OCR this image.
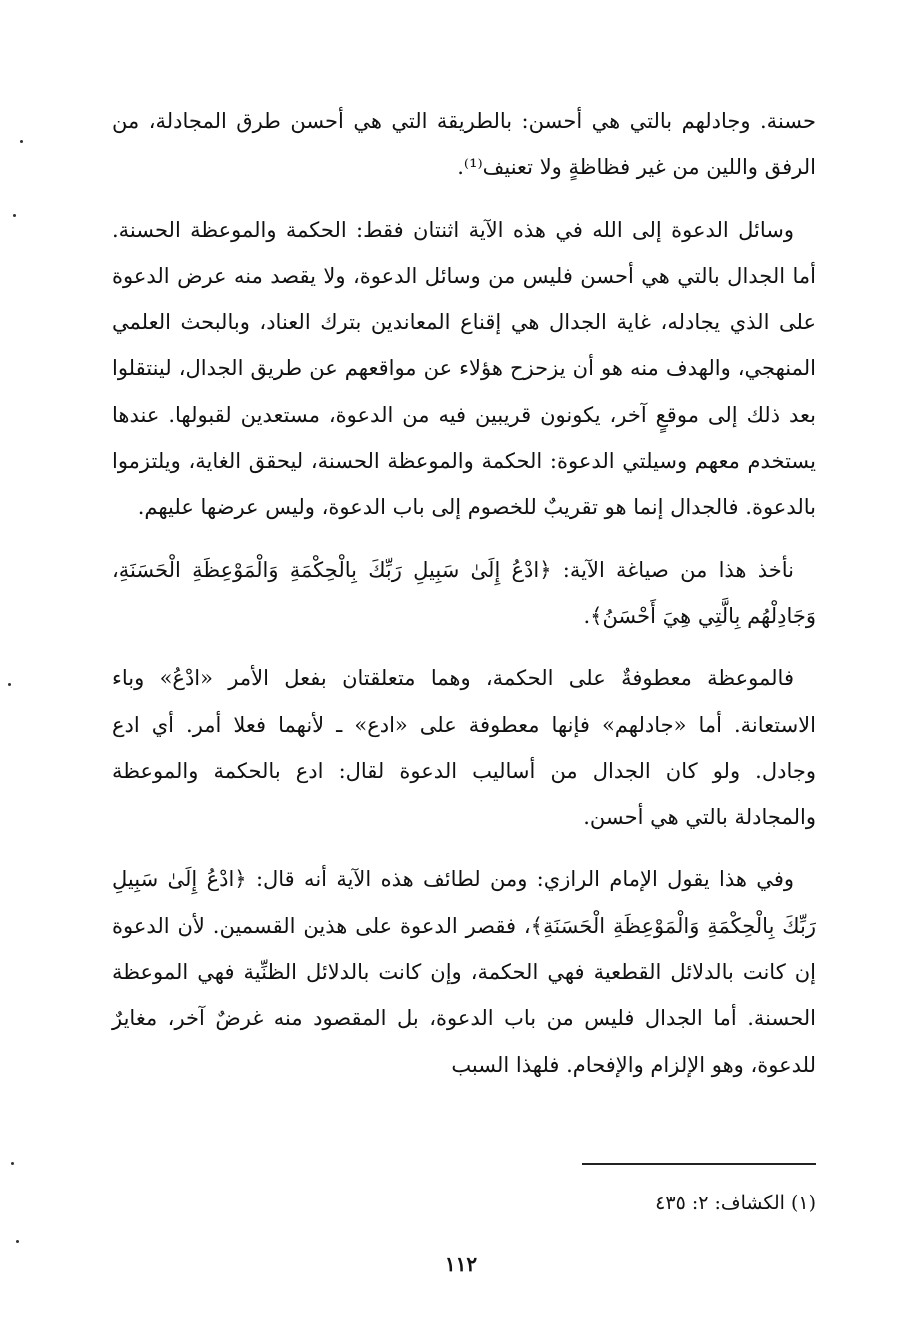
حسنة. وجادلهم بالتي هي أحسن: بالطريقة التي هي أحسن طرق المجادلة، من الرفق واللين من غير فظاظةٍ ولا تعنيف⁽¹⁾.

وسائل الدعوة إلى الله في هذه الآية اثنتان فقط: الحكمة والموعظة الحسنة. أما الجدال بالتي هي أحسن فليس من وسائل الدعوة، ولا يقصد منه عرض الدعوة على الذي يجادله، غاية الجدال هي إقناع المعاندين بترك العناد، وبالبحث العلمي المنهجي، والهدف منه هو أن يزحزح هؤلاء عن مواقعهم عن طريق الجدال، لينتقلوا بعد ذلك إلى موقعٍ آخر، يكونون قريبين فيه من الدعوة، مستعدين لقبولها. عندها يستخدم معهم وسيلتي الدعوة: الحكمة والموعظة الحسنة، ليحقق الغاية، ويلتزموا بالدعوة. فالجدال إنما هو تقريبٌ للخصوم إلى باب الدعوة، وليس عرضها عليهم.

نأخذ هذا من صياغة الآية: ﴿ادْعُ إِلَىٰ سَبِيلِ رَبِّكَ بِالْحِكْمَةِ وَالْمَوْعِظَةِ الْحَسَنَةِ، وَجَادِلْهُم بِالَّتِي هِيَ أَحْسَنُ﴾.

فالموعظة معطوفةٌ على الحكمة، وهما متعلقتان بفعل الأمر «ادْعُ» وباء الاستعانة. أما «جادلهم» فإنها معطوفة على «ادع» ـ لأنهما فعلا أمر. أي ادع وجادل. ولو كان الجدال من أساليب الدعوة لقال: ادع بالحكمة والموعظة والمجادلة بالتي هي أحسن.

وفي هذا يقول الإمام الرازي: ومن لطائف هذه الآية أنه قال: ﴿ادْعُ إِلَىٰ سَبِيلِ رَبِّكَ بِالْحِكْمَةِ وَالْمَوْعِظَةِ الْحَسَنَةِ﴾، فقصر الدعوة على هذين القسمين. لأن الدعوة إن كانت بالدلائل القطعية فهي الحكمة، وإن كانت بالدلائل الظنِّية فهي الموعظة الحسنة. أما الجدال فليس من باب الدعوة، بل المقصود منه غرضٌ آخر، مغايرٌ للدعوة، وهو الإلزام والإفحام. فلهذا السبب

(١) الكشاف: ٢: ٤٣٥
١١٢
